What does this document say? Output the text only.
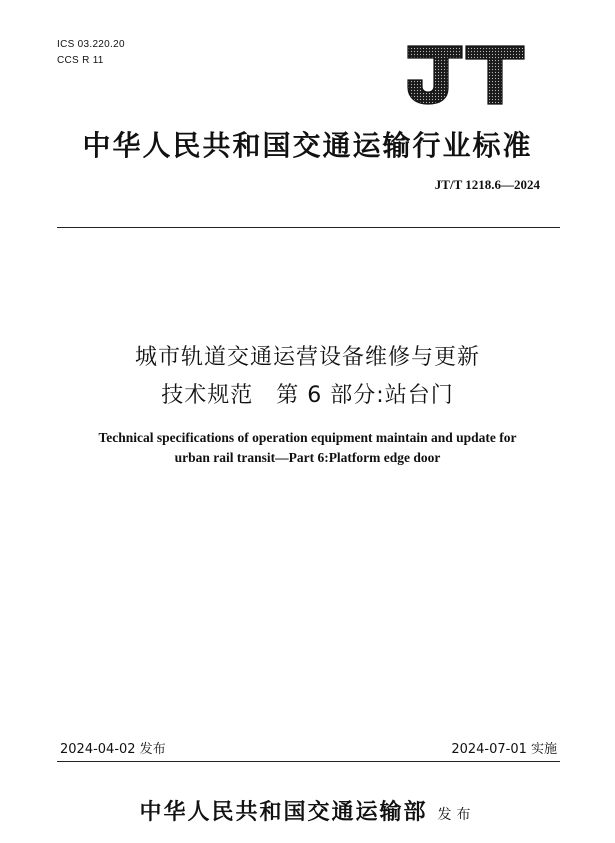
ICS 03.220.20
CCS R 11
中华人民共和国交通运输行业标准
JT/T 1218.6—2024
城市轨道交通运营设备维修与更新
技术规范　第 6 部分:站台门
Technical specifications of operation equipment maintain and update for
urban rail transit—Part 6:Platform edge door
2024-04-02 发布	2024-07-01 实施
中华人民共和国交通运输部 发布
